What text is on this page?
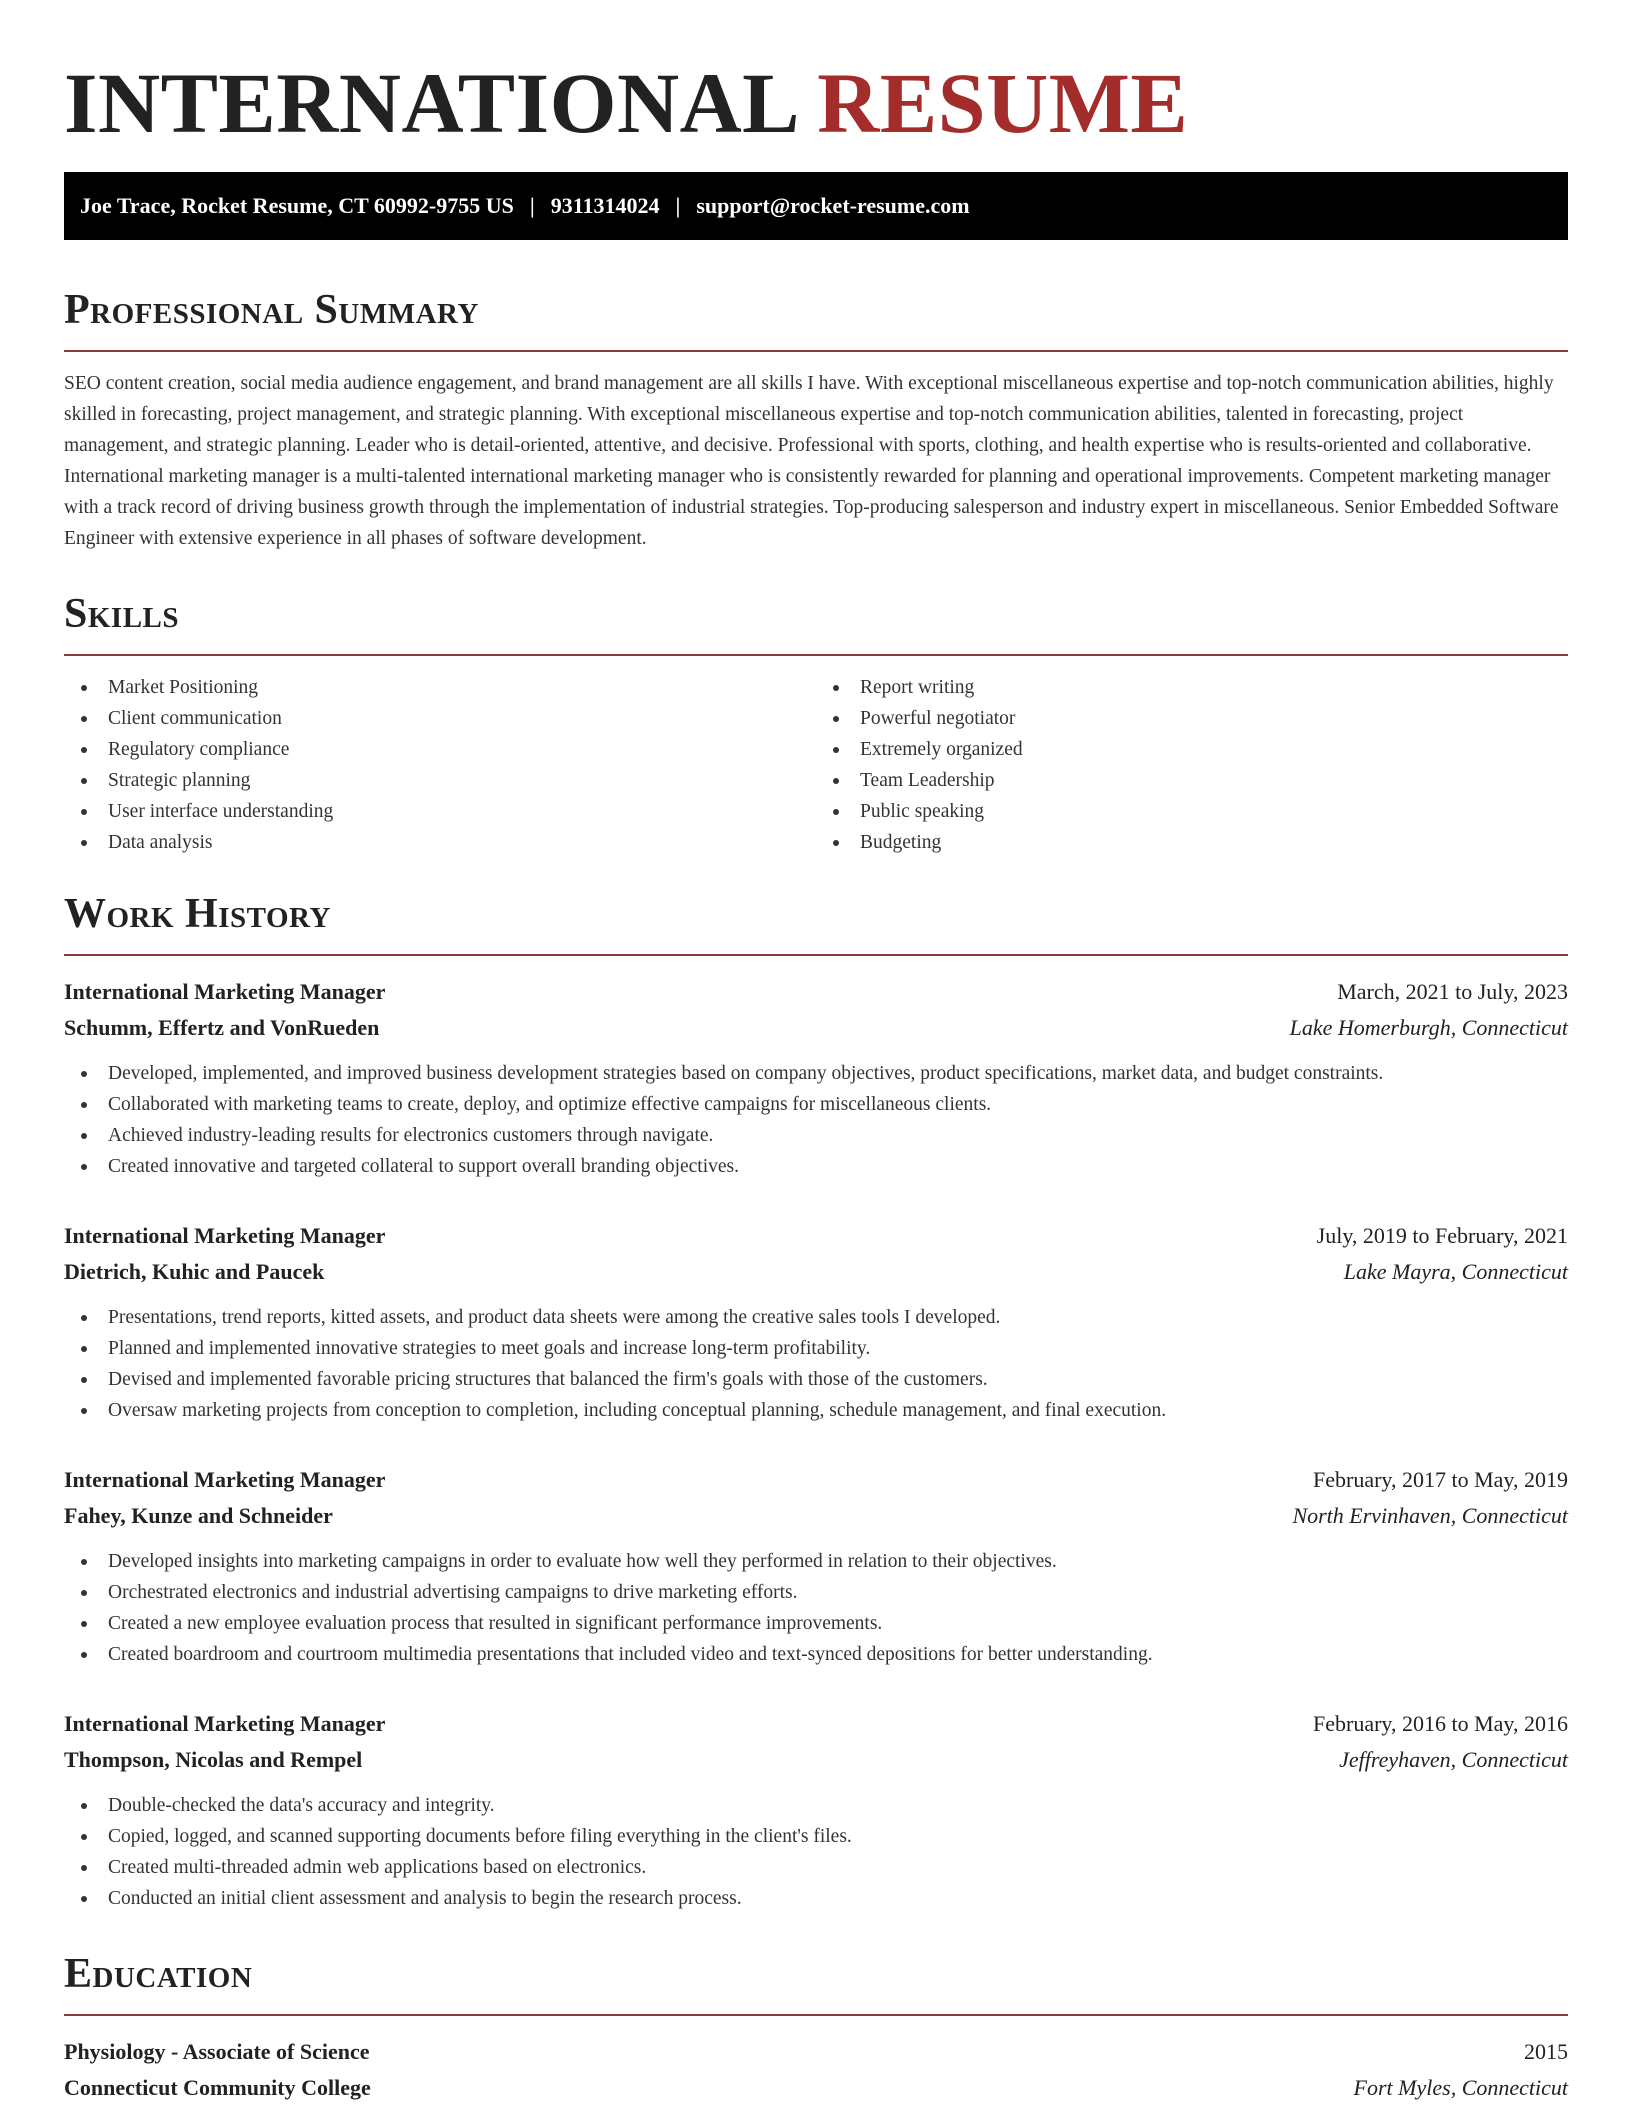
INTERNATIONAL RESUME
Joe Trace, Rocket Resume, CT 60992-9755 US | 9311314024 | support@rocket-resume.com
Professional Summary

SEO content creation, social media audience engagement, and brand management are all skills I have. With exceptional miscellaneous expertise and top-notch communication abilities, highly skilled in forecasting, project management, and strategic planning. With exceptional miscellaneous expertise and top-notch communication abilities, talented in forecasting, project management, and strategic planning. Leader who is detail-oriented, attentive, and decisive. Professional with sports, clothing, and health expertise who is results-oriented and collaborative. International marketing manager is a multi-talented international marketing manager who is consistently rewarded for planning and operational improvements. Competent marketing manager with a track record of driving business growth through the implementation of industrial strategies. Top-producing salesperson and industry expert in miscellaneous. Senior Embedded Software Engineer with extensive experience in all phases of software development.

Skills
Market Positioning
Client communication
Regulatory compliance
Strategic planning
User interface understanding
Data analysis
Report writing
Powerful negotiator
Extremely organized
Team Leadership
Public speaking
Budgeting
Work History
International Marketing Manager	March, 2021 to July, 2023
Schumm, Effertz and VonRueden	Lake Homerburgh, Connecticut
Developed, implemented, and improved business development strategies based on company objectives, product specifications, market data, and budget constraints.
Collaborated with marketing teams to create, deploy, and optimize effective campaigns for miscellaneous clients.
Achieved industry-leading results for electronics customers through navigate.
Created innovative and targeted collateral to support overall branding objectives.
International Marketing Manager	July, 2019 to February, 2021
Dietrich, Kuhic and Paucek	Lake Mayra, Connecticut
Presentations, trend reports, kitted assets, and product data sheets were among the creative sales tools I developed.
Planned and implemented innovative strategies to meet goals and increase long-term profitability.
Devised and implemented favorable pricing structures that balanced the firm's goals with those of the customers.
Oversaw marketing projects from conception to completion, including conceptual planning, schedule management, and final execution.
International Marketing Manager	February, 2017 to May, 2019
Fahey, Kunze and Schneider	North Ervinhaven, Connecticut
Developed insights into marketing campaigns in order to evaluate how well they performed in relation to their objectives.
Orchestrated electronics and industrial advertising campaigns to drive marketing efforts.
Created a new employee evaluation process that resulted in significant performance improvements.
Created boardroom and courtroom multimedia presentations that included video and text-synced depositions for better understanding.
International Marketing Manager	February, 2016 to May, 2016
Thompson, Nicolas and Rempel	Jeffreyhaven, Connecticut
Double-checked the data's accuracy and integrity.
Copied, logged, and scanned supporting documents before filing everything in the client's files.
Created multi-threaded admin web applications based on electronics.
Conducted an initial client assessment and analysis to begin the research process.
Education
Physiology - Associate of Science	2015
Connecticut Community College	Fort Myles, Connecticut
